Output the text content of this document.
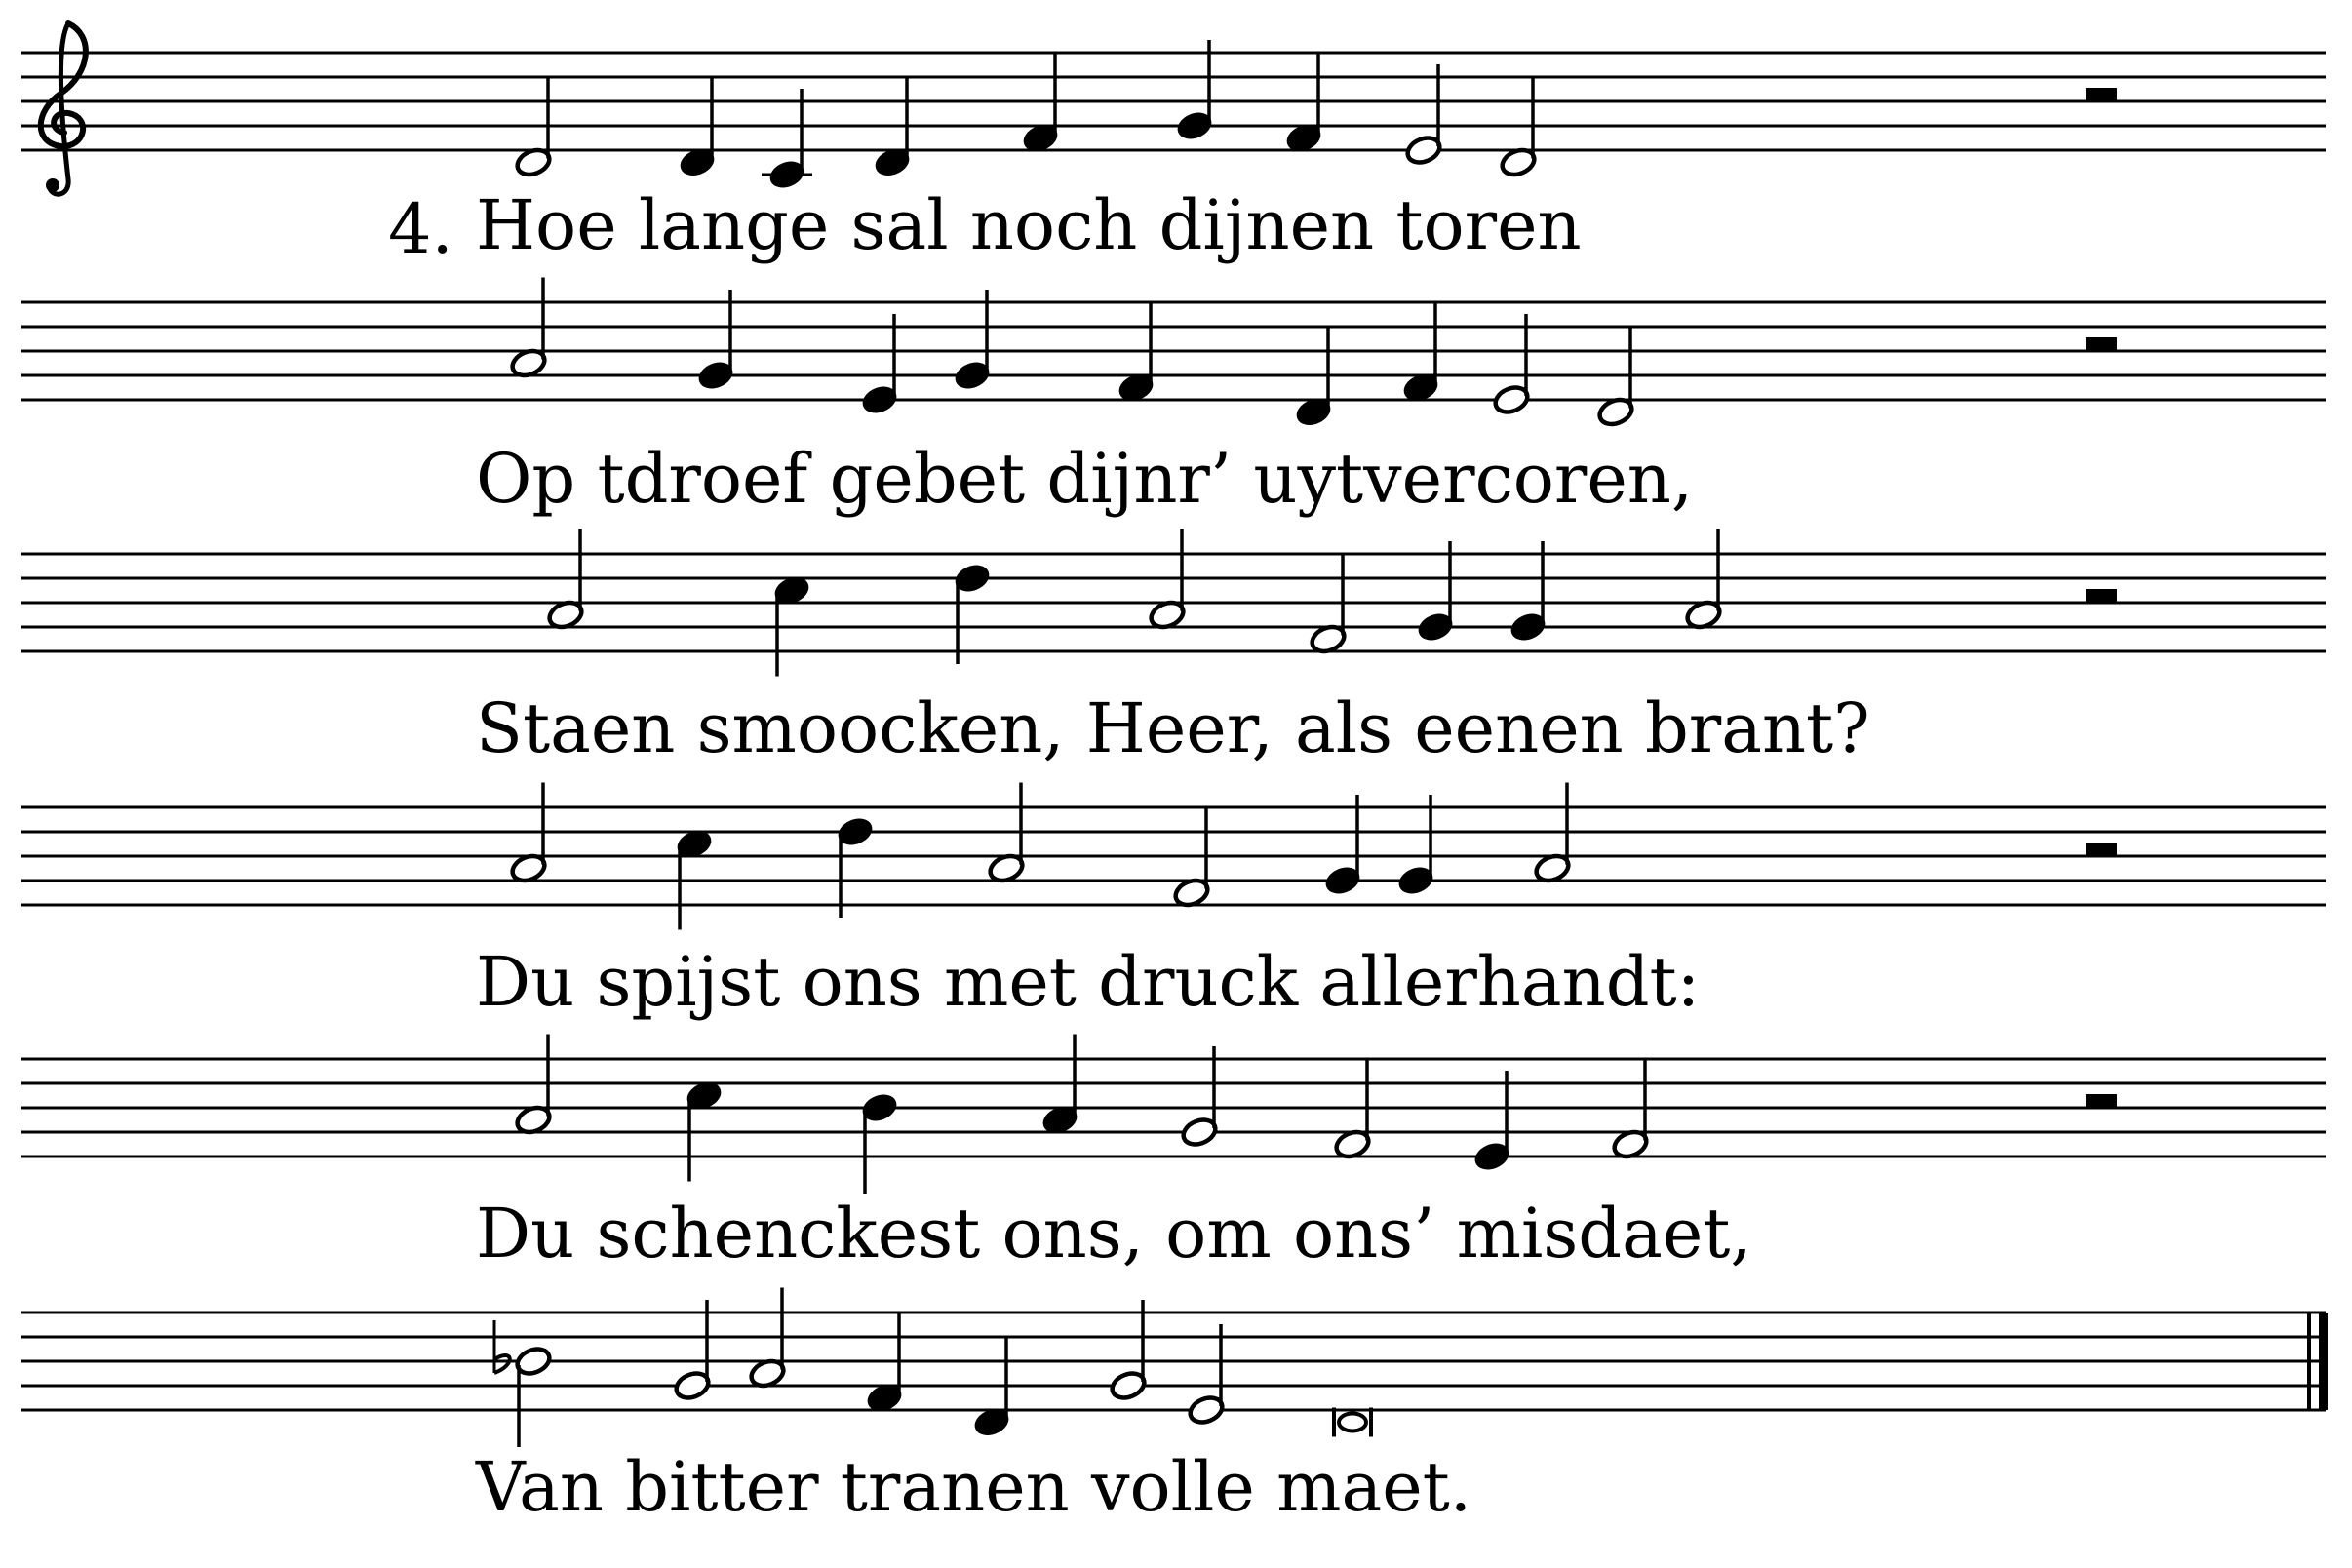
4. Hoe lange sal noch dijnen toren

Op tdroef gebet dijnr’ uytvercoren,

Staen smoocken, Heer, als eenen brant?

Du spijst ons met druck allerhandt:

Du schenckest ons, om ons’ misdaet,

Van bitter tranen volle maet.
